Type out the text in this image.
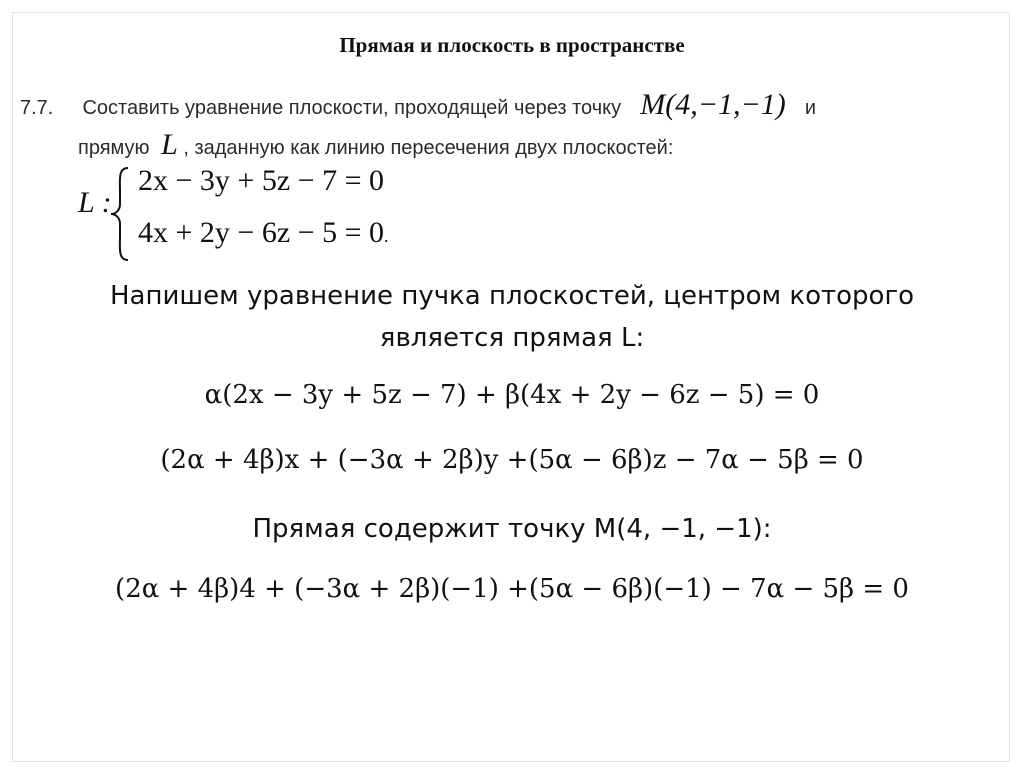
Прямая и плоскость в пространстве
7.7. Составить уравнение плоскости, проходящей через точку M(4,−1,−1) и
прямую L , заданную как линию пересечения двух плоскостей:
L :
2x − 3y + 5z − 7 = 0
4x + 2y − 6z − 5 = 0.
Напишем уравнение пучка плоскостей, центром которого
является прямая L:
α(2x − 3y + 5z − 7) + β(4x + 2y − 6z − 5) = 0
(2α + 4β)x + (−3α + 2β)y +(5α − 6β)z − 7α − 5β = 0
Прямая содержит точку M(4, −1, −1):
(2α + 4β)4 + (−3α + 2β)(−1) +(5α − 6β)(−1) − 7α − 5β = 0
